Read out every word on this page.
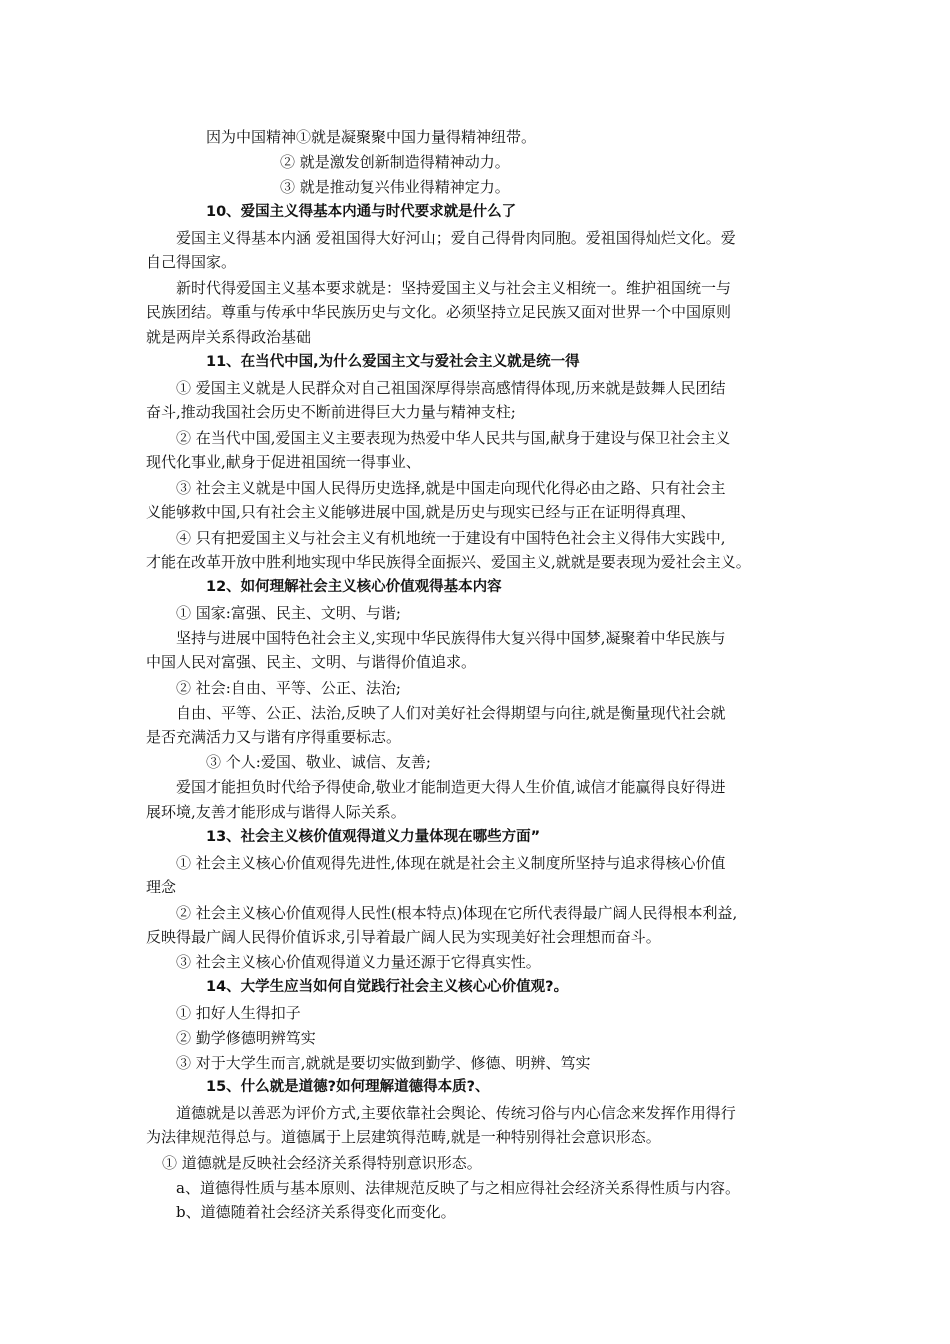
因为中国精神①就是凝聚聚中国力量得精神纽带。
② 就是激发创新制造得精神动力。
③ 就是推动复兴伟业得精神定力。
10、爱国主义得基本内通与时代要求就是什么了
爱国主义得基本内涵 爱祖国得大好河山；爱自己得骨肉同胞。爱祖国得灿烂文化。爱
自己得国家。
新时代得爱国主义基本要求就是：坚持爱国主义与社会主义相统一。维护祖国统一与
民族团结。尊重与传承中华民族历史与文化。必须坚持立足民族又面对世界一个中国原则
就是两岸关系得政治基础
11、在当代中国,为什么爱国主文与爱社会主义就是统一得
① 爱国主义就是人民群众对自己祖国深厚得崇高感情得体现,历来就是鼓舞人民团结
奋斗,推动我国社会历史不断前进得巨大力量与精神支柱;
② 在当代中国,爱国主义主要表现为热爱中华人民共与国,献身于建设与保卫社会主义
现代化事业,献身于促进祖国统一得事业、
③ 社会主义就是中国人民得历史选择,就是中国走向现代化得必由之路、只有社会主
义能够救中国,只有社会主义能够进展中国,就是历史与现实已经与正在证明得真理、
④ 只有把爱国主义与社会主义有机地统一于建设有中国特色社会主义得伟大实践中,
才能在改革开放中胜利地实现中华民族得全面振兴、爱国主义,就就是要表现为爱社会主义。
12、如何理解社会主义核心价值观得基本内容
① 国家:富强、民主、文明、与谐;
坚持与进展中国特色社会主义,实现中华民族得伟大复兴得中国梦,凝聚着中华民族与
中国人民对富强、民主、文明、与谐得价值追求。
② 社会:自由、平等、公正、法治;
自由、平等、公正、法治,反映了人们对美好社会得期望与向往,就是衡量现代社会就
是否充满活力又与谐有序得重要标志。
③ 个人:爱国、敬业、诚信、友善;
爱国才能担负时代给予得使命,敬业才能制造更大得人生价值,诚信才能赢得良好得进
展环境,友善才能形成与谐得人际关系。
13、社会主义核价值观得道义力量体现在哪些方面”
① 社会主义核心价值观得先进性,体现在就是社会主义制度所坚持与追求得核心价值
理念
② 社会主义核心价值观得人民性(根本特点)体现在它所代表得最广阔人民得根本利益,
反映得最广阔人民得价值诉求,引导着最广阔人民为实现美好社会理想而奋斗。
③ 社会主义核心价值观得道义力量还源于它得真实性。
14、大学生应当如何自觉践行社会主义核心心价值观?。
① 扣好人生得扣子
② 勤学修德明辨笃实
③ 对于大学生而言,就就是要切实做到勤学、修德、明辨、笃实
15、什么就是道德?如何理解道德得本质?、
道德就是以善恶为评价方式,主要依靠社会舆论、传统习俗与内心信念来发挥作用得行
为法律规范得总与。道德属于上层建筑得范畴,就是一种特别得社会意识形态。
① 道德就是反映社会经济关系得特别意识形态。
a、道德得性质与基本原则、法律规范反映了与之相应得社会经济关系得性质与内容。
b、道德随着社会经济关系得变化而变化。
